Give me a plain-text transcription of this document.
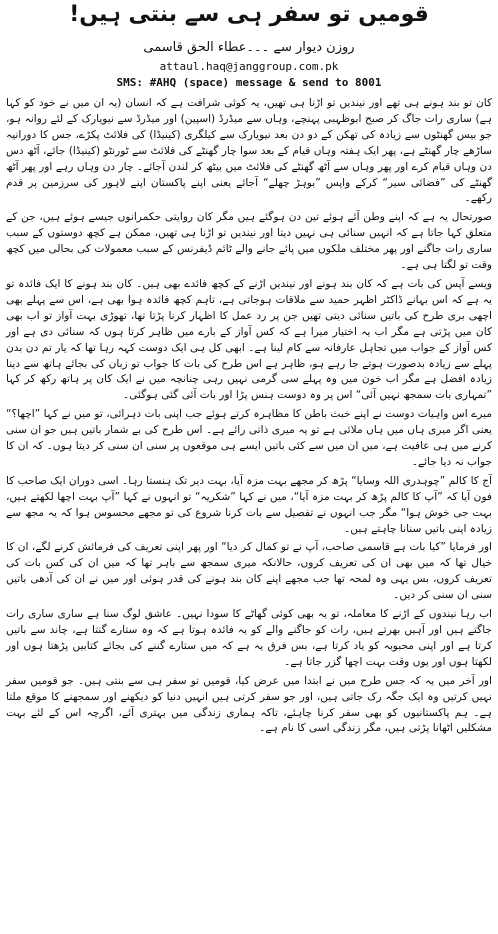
قومیں تو سفر ہی سے بنتی ہیں!
روزن دیوار سے ۔۔۔عطاء الحق قاسمی
attaul.haq@janggroup.com.pk
SMS: #AHQ (space) message & send to 8001

کان تو بند ہونے ہی تھے اور نیندیں تو اڑنا ہی تھیں، یہ کوئی شرافت ہے کہ انسان (یہ ان میں نے خود کو کہا ہے) ساری رات جاگ کر صبح ابوظہبی پہنچے، وہاں سے میڈرڈ (اسپین) اور میڈرڈ سے نیویارک کے لئے روانہ ہو، جو بیس گھنٹوں سے زیادہ کی تھکن کے دو دن بعد نیویارک سے کیلگری (کینیڈا) کی فلائٹ پکڑے، جس کا دورانیہ ساڑھے چار گھنٹے ہے، پھر ایک ہفتہ وہاں قیام کے بعد سوا چار گھنٹے کی فلائٹ سے ٹورنٹو (کینیڈا) جائے، آٹھ دس دن وہاں قیام کرے اور پھر وہاں سے آٹھ گھنٹے کی فلائٹ میں بیٹھ کر لندن آجائے۔ چار دن وہاں رہے اور پھر آٹھ گھنٹے کی ”فضائی سیر“ کرکے واپس ”بوہڑ چھلے“ آجائے یعنی اپنے پاکستان اپنے لاہور کی سرزمین پر قدم رکھے۔

صورتحال یہ ہے کہ اپنے وطن آئے ہوئے تین دن ہوگئے ہیں مگر کان روایتی حکمرانوں جیسے ہوئے ہیں، جن کے متعلق کہا جاتا ہے کہ انہیں سنائی ہی نہیں دیتا اور نیندیں تو اڑنا ہی تھیں، ممکن ہے کچھ دوستوں کے سبب ساری رات جاگنے اور پھر مختلف ملکوں میں پائے جانے والے ٹائم ڈیفرنس کے سبب معمولات کی بحالی میں کچھ وقت تو لگتا ہی ہے۔

ویسے آپس کی بات ہے کہ کان بند ہونے اور نیندیں اڑنے کے کچھ فائدے بھی ہیں۔ کان بند ہونے کا ایک فائدہ تو یہ ہے کہ اس بہانے ڈاکٹر اظہر حمید سے ملاقات ہوجاتی ہے، تاہم کچھ فائدہ ہوا بھی ہے، اس سے پہلے بھی اچھی بری طرح کی باتیں سنائی دیتی تھیں جن پر رد عمل کا اظہار کرنا پڑتا تھا، تھوڑی بہت آواز تو اب بھی کان میں پڑتی ہے مگر اب یہ اختیار میرا ہے کہ کس آواز کے بارے میں ظاہر کرتا ہوں کہ سنائی دی ہے اور کس آواز کے جواب میں تجاہل عارفانہ سے کام لینا ہے۔ ابھی کل ہی ایک دوست کہہ رہا تھا کہ یار تم دن بدن پہلے سے زیادہ بدصورت ہوتے جا رہے ہو، ظاہر ہے اس طرح کی بات کا جواب تو زبان کی بجائے ہاتھ سے دینا زیادہ افضل ہے مگر اب خون میں وہ پہلے سی گرمی نہیں رہی چنانچہ میں نے ایک کان پر ہاتھ رکھ کر کہا ”تمہاری بات سمجھ نہیں آئی“ اس پر وہ دوست ہنس پڑا اور بات آئی گئی ہوگئی۔

میرے اس واہیات دوست نے اپنے خبث باطن کا مظاہرہ کرتے ہوئے جب اپنی بات دہرائی، تو میں نے کہا ”اچھا؟“ یعنی اگر میری ہاں میں ہاں ملائی ہے تو یہ میری ذاتی رائے ہے۔ اس طرح کی بے شمار باتیں ہیں جو ان سنی کرنے میں ہی عافیت ہے، میں ان میں سے کئی باتیں ایسے ہی موقعوں پر سنی ان سنی کر دیتا ہوں۔ کہ ان کا جواب نہ دیا جائے۔

آج کا کالم ”چوہدری اللہ وسایا“ پڑھ کر مجھے بہت مزہ آیا، بہت دیر تک ہنستا رہا۔ اسی دوران ایک صاحب کا فون آیا کہ ”آپ کا کالم پڑھ کر بہت مزہ آیا“، میں نے کہا ”شکریہ“ تو انہوں نے کہا ”آپ بہت اچھا لکھتے ہیں، بہت جی خوش ہوا“ مگر جب انہوں نے تفصیل سے بات کرنا شروع کی تو مجھے محسوس ہوا کہ یہ مجھ سے زیادہ اپنی باتیں سنانا چاہتے ہیں۔

اور فرمایا ”کیا بات ہے قاسمی صاحب، آپ نے تو کمال کر دیا“ اور پھر اپنی تعریف کی فرمائش کرنے لگے، ان کا خیال تھا کہ میں بھی ان کی تعریف کروں، حالانکہ میری سمجھ سے باہر تھا کہ میں ان کی کس بات کی تعریف کروں، بس یہی وہ لمحہ تھا جب مجھے اپنے کان بند ہونے کی قدر ہوئی اور میں نے ان کی آدھی باتیں سنی ان سنی کر دیں۔

اب رہا نیندوں کے اڑنے کا معاملہ، تو یہ بھی کوئی گھاٹے کا سودا نہیں۔ عاشق لوگ سنا ہے ساری ساری رات جاگتے ہیں اور آہیں بھرتے ہیں، رات کو جاگنے والے کو یہ فائدہ ہوتا ہے کہ وہ ستارے گنتا ہے، چاند سے باتیں کرتا ہے اور اپنی محبوبہ کو یاد کرتا ہے، بس فرق یہ ہے کہ میں ستارے گننے کی بجائے کتابیں پڑھتا ہوں اور لکھتا ہوں اور یوں وقت بہت اچھا گزر جاتا ہے۔

اور آخر میں یہ کہ جس طرح میں نے ابتدا میں عرض کیا، قومیں تو سفر ہی سے بنتی ہیں۔ جو قومیں سفر نہیں کرتیں وہ ایک جگہ رک جاتی ہیں، اور جو سفر کرتی ہیں انہیں دنیا کو دیکھنے اور سمجھنے کا موقع ملتا ہے۔ ہم پاکستانیوں کو بھی سفر کرنا چاہئے، تاکہ ہماری زندگی میں بہتری آئے، اگرچہ اس کے لئے بہت مشکلیں اٹھانا پڑتی ہیں، مگر زندگی اسی کا نام ہے۔
